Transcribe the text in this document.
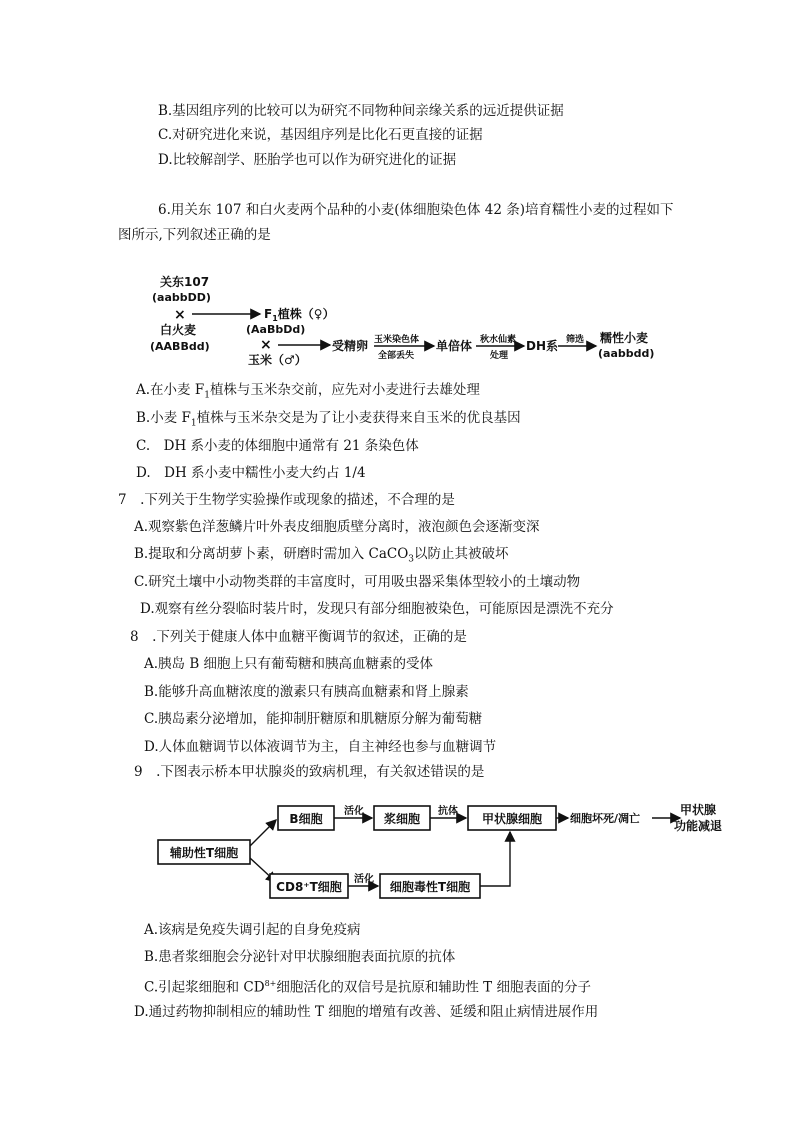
B.基因组序列的比较可以为研究不同物种间亲缘关系的远近提供证据
C.对研究进化来说，基因组序列是比化石更直接的证据
D.比较解剖学、胚胎学也可以作为研究进化的证据
6.用关东 107 和白火麦两个品种的小麦(体细胞染色体 42 条)培育糯性小麦的过程如下
图所示,下列叙述正确的是
关东107
(aabbDD)
×
白火麦
(AABBdd)
$F_1$植株（♀）
(AaBbDd)
×
玉米（♂）
受精卵 玉米染色体
全部丢失
单倍体 秋水仙素
处理
DH系 筛选 糯性小麦
(aabbdd)
A.在小麦 $F_1$植株与玉米杂交前，应先对小麦进行去雄处理
B.小麦 $F_1$植株与玉米杂交是为了让小麦获得来自玉米的优良基因
C.　DH 系小麦的体细胞中通常有 21 条染色体
D.　DH 系小麦中糯性小麦大约占 1/4
7　.下列关于生物学实验操作或现象的描述，不合理的是
A.观察紫色洋葱鳞片叶外表皮细胞质壁分离时，液泡颜色会逐渐变深
B.提取和分离胡萝卜素，研磨时需加入 CaCO$_3$以防止其被破坏
C.研究土壤中小动物类群的丰富度时，可用吸虫器采集体型较小的土壤动物
D.观察有丝分裂临时装片时，发现只有部分细胞被染色，可能原因是漂洗不充分
8　.下列关于健康人体中血糖平衡调节的叙述，正确的是
A.胰岛 B 细胞上只有葡萄糖和胰高血糖素的受体
B.能够升高血糖浓度的激素只有胰高血糖素和肾上腺素
C.胰岛素分泌增加，能抑制肝糖原和肌糖原分解为葡萄糖
D.人体血糖调节以体液调节为主，自主神经也参与血糖调节
9　.下图表示桥本甲状腺炎的致病机理，有关叙述错误的是
辅助性T细胞
B细胞
活化
浆细胞
抗体
甲状腺细胞	细胞坏死/凋亡
甲状腺
功能减退
CD8⁺T细胞
活化
细胞毒性T细胞
A.该病是免疫失调引起的自身免疫病
B.患者浆细胞会分泌针对甲状腺细胞表面抗原的抗体
C.引起浆细胞和 $CD^{8+}$细胞活化的双信号是抗原和辅助性 T 细胞表面的分子
D.通过药物抑制相应的辅助性 T 细胞的增殖有改善、延缓和阻止病情进展作用
